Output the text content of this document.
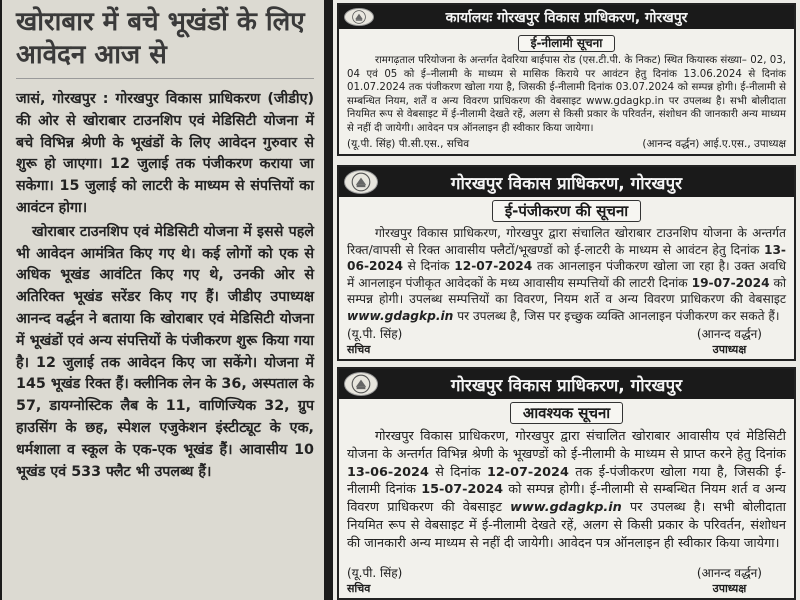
खोराबार में बचे भूखंडों के लिए आवेदन आज से

जासं, गोरखपुर : गोरखपुर विकास प्राधिकरण (जीडीए) की ओर से खोराबार टाउनशिप एवं मेडिसिटी योजना में बचे विभिन्न श्रेणी के भूखंडों के लिए आवेदन गुरुवार से शुरू हो जाएगा। 12 जुलाई तक पंजीकरण कराया जा सकेगा। 15 जुलाई को लाटरी के माध्यम से संपत्तियों का आवंटन होगा।

खोराबार टाउनशिप एवं मेडिसिटी योजना में इससे पहले भी आवेदन आमंत्रित किए गए थे। कई लोगों को एक से अधिक भूखंड आवंटित किए गए थे, उनकी ओर से अतिरिक्त भूखंड सरेंडर किए गए हैं। जीडीए उपाध्यक्ष आनन्द वर्द्धन ने बताया कि खोराबार एवं मेडिसिटी योजना में भूखंडों एवं अन्य संपत्तियों के पंजीकरण शुरू किया गया है। 12 जुलाई तक आवेदन किए जा सकेंगे। योजना में 145 भूखंड रिक्त हैं। क्लीनिक लेन के 36, अस्पताल के 57, डायग्नोस्टिक लैब के 11, वाणिज्यिक 32, ग्रुप हाउसिंग के छह, स्पेशल एजुकेशन इंस्टीट्यूट के एक, धर्मशाला व स्कूल के एक-एक भूखंड हैं। आवासीय 10 भूखंड एवं 533 फ्लैट भी उपलब्ध हैं।

कार्यालयः गोरखपुर विकास प्राधिकरण, गोरखपुर
ई-नीलामी सूचना
रामगढ़ताल परियोजना के अन्तर्गत देवरिया बाईपास रोड (एस.टी.पी. के निकट) स्थित कियास्क संख्या– 02, 03, 04 एवं 05 को ई–नीलामी के माध्यम से मासिक किराये पर आवंटन हेतु दिनांक 13.06.2024 से दिनांक 01.07.2024 तक पंजीकरण खोला गया है, जिसकी ई-नीलामी दिनांक 03.07.2024 को सम्पन्न होगी। ई-नीलामी से सम्बन्धित नियम, शर्तें व अन्य विवरण प्राधिकरण की वेबसाइट www.gdagkp.in पर उपलब्ध है। सभी बोलीदाता नियमित रूप से वेबसाइट में ई-नीलामी देखते रहें, अलग से किसी प्रकार के परिवर्तन, संशोधन की जानकारी अन्य माध्यम से नहीं दी जायेगी। आवेदन पत्र ऑनलाइन ही स्वीकार किया जायेगा।
(यू.पी. सिंह) पी.सी.एस., सचिव	(आनन्द वर्द्धन) आई.ए.एस., उपाध्यक्ष
गोरखपुर विकास प्राधिकरण, गोरखपुर
ई-पंजीकरण की सूचना
गोरखपुर विकास प्राधिकरण, गोरखपुर द्वारा संचालित खोराबार टाउनशिप योजना के अन्तर्गत रिक्त/वापसी से रिक्त आवासीय फ्लैटों/भूखण्डों को ई-लाटरी के माध्यम से आवंटन हेतु दिनांक 13-06-2024 से दिनांक 12-07-2024 तक आनलाइन पंजीकरण खोला जा रहा है। उक्त अवधि में आनलाइन पंजीकृत आवेदकों के मध्य आवासीय सम्पत्तियों की लाटरी दिनांक 19-07-2024 को सम्पन्न होगी। उपलब्ध सम्पत्तियों का विवरण, नियम शर्ते व अन्य विवरण प्राधिकरण की वेबसाइट www.gdagkp.in पर उपलब्ध है, जिस पर इच्छुक व्यक्ति आनलाइन पंजीकरण कर सकते हैं।
(यू.पी. सिंह)
सचिव
(आनन्द वर्द्धन)
उपाध्यक्ष
गोरखपुर विकास प्राधिकरण, गोरखपुर
आवश्यक सूचना
गोरखपुर विकास प्राधिकरण, गोरखपुर द्वारा संचालित खोराबार आवासीय एवं मेडिसिटी योजना के अन्तर्गत विभिन्न श्रेणी के भूखण्डों को ई-नीलामी के माध्यम से प्राप्त करने हेतु दिनांक 13-06-2024 से दिनांक 12-07-2024 तक ई-पंजीकरण खोला गया है, जिसकी ई-नीलामी दिनांक 15-07-2024 को सम्पन्न होगी। ई-नीलामी से सम्बन्धित नियम शर्त व अन्य विवरण प्राधिकरण की वेबसाइट www.gdagkp.in पर उपलब्ध है। सभी बोलीदाता नियमित रूप से वेबसाइट में ई-नीलामी देखते रहें, अलग से किसी प्रकार के परिवर्तन, संशोधन की जानकारी अन्य माध्यम से नहीं दी जायेगी। आवेदन पत्र ऑनलाइन ही स्वीकार किया जायेगा।
(यू.पी. सिंह)
सचिव
(आनन्द वर्द्धन)
उपाध्यक्ष
